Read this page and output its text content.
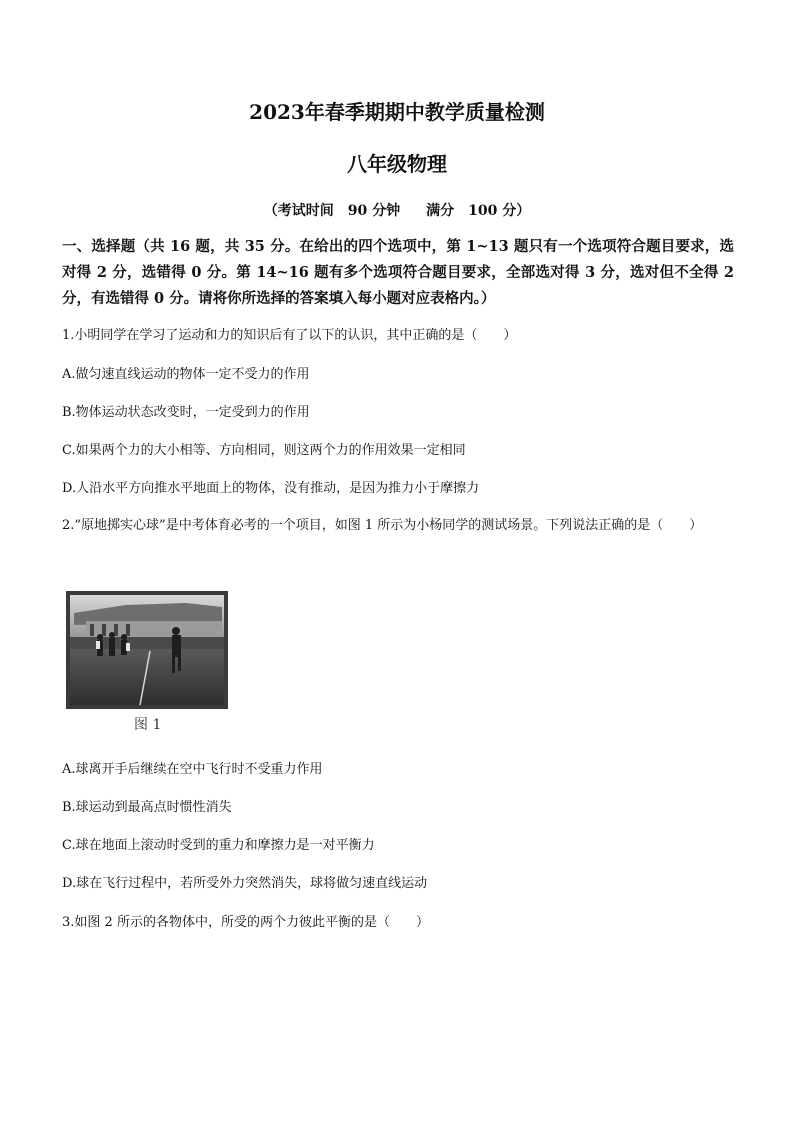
2023年春季期期中教学质量检测
八年级物理
（考试时间　90 分钟 满分　100 分）
一、选择题（共 16 题，共 35 分。在给出的四个选项中，第 1~13 题只有一个选项符合题目要求，选对得 2 分，选错得 0 分。第 14~16 题有多个选项符合题目要求，全部选对得 3 分，选对但不全得 2 分，有选错得 0 分。请将你所选择的答案填入每小题对应表格内。）
1.小明同学在学习了运动和力的知识后有了以下的认识，其中正确的是（　　）
A.做匀速直线运动的物体一定不受力的作用
B.物体运动状态改变时，一定受到力的作用
C.如果两个力的大小相等、方向相同，则这两个力的作用效果一定相同
D.人沿水平方向推水平地面上的物体，没有推动，是因为推力小于摩擦力
2.“原地掷实心球”是中考体育必考的一个项目，如图 1 所示为小杨同学的测试场景。下列说法正确的是（　　）
图 1
A.球离开手后继续在空中飞行时不受重力作用
B.球运动到最高点时惯性消失
C.球在地面上滚动时受到的重力和摩擦力是一对平衡力
D.球在飞行过程中，若所受外力突然消失，球将做匀速直线运动
3.如图 2 所示的各物体中，所受的两个力彼此平衡的是（　　）
